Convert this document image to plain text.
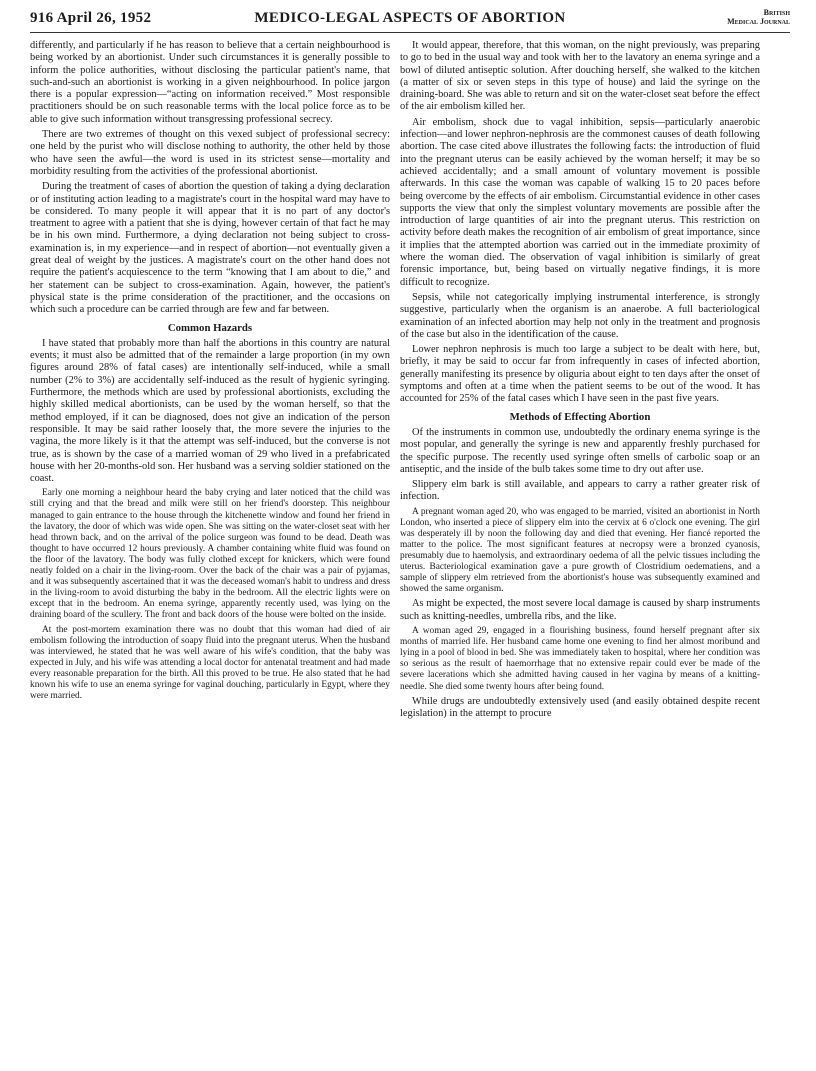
916 April 26, 1952	MEDICO-LEGAL ASPECTS OF ABORTION	British
Medical Journal

differently, and particularly if he has reason to believe that a certain neighbourhood is being worked by an abortionist. Under such circumstances it is generally possible to inform the police authorities, without disclosing the particular patient's name, that such-and-such an abortionist is working in a given neighbourhood. In police jargon there is a popular expression—“acting on information received.” Most responsible practitioners should be on such reasonable terms with the local police force as to be able to give such information without transgressing professional secrecy.

There are two extremes of thought on this vexed subject of professional secrecy: one held by the purist who will disclose nothing to authority, the other held by those who have seen the awful—the word is used in its strictest sense—mortality and morbidity resulting from the activities of the professional abortionist.

During the treatment of cases of abortion the question of taking a dying declaration or of instituting action leading to a magistrate's court in the hospital ward may have to be considered. To many people it will appear that it is no part of any doctor's treatment to agree with a patient that she is dying, however certain of that fact he may be in his own mind. Furthermore, a dying declaration not being subject to cross-examination is, in my experience—and in respect of abortion—not eventually given a great deal of weight by the justices. A magistrate's court on the other hand does not require the patient's acquiescence to the term “knowing that I am about to die,” and her statement can be subject to cross-examination. Again, however, the patient's physical state is the prime consideration of the practitioner, and the occasions on which such a procedure can be carried through are few and far between.

Common Hazards

I have stated that probably more than half the abortions in this country are natural events; it must also be admitted that of the remainder a large proportion (in my own figures around 28% of fatal cases) are intentionally self-induced, while a small number (2% to 3%) are accidentally self-induced as the result of hygienic syringing. Furthermore, the methods which are used by professional abortionists, excluding the highly skilled medical abortionists, can be used by the woman herself, so that the method employed, if it can be diagnosed, does not give an indication of the person responsible. It may be said rather loosely that, the more severe the injuries to the vagina, the more likely is it that the attempt was self-induced, but the converse is not true, as is shown by the case of a married woman of 29 who lived in a prefabricated house with her 20-months-old son. Her husband was a serving soldier stationed on the coast.

Early one morning a neighbour heard the baby crying and later noticed that the child was still crying and that the bread and milk were still on her friend's doorstep. This neighbour managed to gain entrance to the house through the kitchenette window and found her friend in the lavatory, the door of which was wide open. She was sitting on the water-closet seat with her head thrown back, and on the arrival of the police surgeon was found to be dead. Death was thought to have occurred 12 hours previously. A chamber containing white fluid was found on the floor of the lavatory. The body was fully clothed except for knickers, which were found neatly folded on a chair in the living-room. Over the back of the chair was a pair of pyjamas, and it was subsequently ascertained that it was the deceased woman's habit to undress and dress in the living-room to avoid disturbing the baby in the bedroom. All the electric lights were on except that in the bedroom. An enema syringe, apparently recently used, was lying on the draining board of the scullery. The front and back doors of the house were bolted on the inside.

At the post-mortem examination there was no doubt that this woman had died of air embolism following the introduction of soapy fluid into the pregnant uterus. When the husband was interviewed, he stated that he was well aware of his wife's condition, that the baby was expected in July, and his wife was attending a local doctor for antenatal treatment and had made every reasonable preparation for the birth. All this proved to be true. He also stated that he had known his wife to use an enema syringe for vaginal douching, particularly in Egypt, where they were married.

It would appear, therefore, that this woman, on the night previously, was preparing to go to bed in the usual way and took with her to the lavatory an enema syringe and a bowl of diluted antiseptic solution. After douching herself, she walked to the kitchen (a matter of six or seven steps in this type of house) and laid the syringe on the draining-board. She was able to return and sit on the water-closet seat before the effect of the air embolism killed her.

Air embolism, shock due to vagal inhibition, sepsis—particularly anaerobic infection—and lower nephron-nephrosis are the commonest causes of death following abortion. The case cited above illustrates the following facts: the introduction of fluid into the pregnant uterus can be easily achieved by the woman herself; it may be so achieved accidentally; and a small amount of voluntary movement is possible afterwards. In this case the woman was capable of walking 15 to 20 paces before being overcome by the effects of air embolism. Circumstantial evidence in other cases supports the view that only the simplest voluntary movements are possible after the introduction of large quantities of air into the pregnant uterus. This restriction on activity before death makes the recognition of air embolism of great importance, since it implies that the attempted abortion was carried out in the immediate proximity of where the woman died. The observation of vagal inhibition is similarly of great forensic importance, but, being based on virtually negative findings, it is more difficult to recognize.

Sepsis, while not categorically implying instrumental interference, is strongly suggestive, particularly when the organism is an anaerobe. A full bacteriological examination of an infected abortion may help not only in the treatment and prognosis of the case but also in the identification of the cause.

Lower nephron nephrosis is much too large a subject to be dealt with here, but, briefly, it may be said to occur far from infrequently in cases of infected abortion, generally manifesting its presence by oliguria about eight to ten days after the onset of symptoms and often at a time when the patient seems to be out of the wood. It has accounted for 25% of the fatal cases which I have seen in the past five years.

Methods of Effecting Abortion

Of the instruments in common use, undoubtedly the ordinary enema syringe is the most popular, and generally the syringe is new and apparently freshly purchased for the specific purpose. The recently used syringe often smells of carbolic soap or an antiseptic, and the inside of the bulb takes some time to dry out after use.

Slippery elm bark is still available, and appears to carry a rather greater risk of infection.

A pregnant woman aged 20, who was engaged to be married, visited an abortionist in North London, who inserted a piece of slippery elm into the cervix at 6 o'clock one evening. The girl was desperately ill by noon the following day and died that evening. Her fiancé reported the matter to the police. The most significant features at necropsy were a bronzed cyanosis, presumably due to haemolysis, and extraordinary oedema of all the pelvic tissues including the uterus. Bacteriological examination gave a pure growth of Clostridium oedematiens, and a sample of slippery elm retrieved from the abortionist's house was subsequently examined and showed the same organism.

As might be expected, the most severe local damage is caused by sharp instruments such as knitting-needles, umbrella ribs, and the like.

A woman aged 29, engaged in a flourishing business, found herself pregnant after six months of married life. Her husband came home one evening to find her almost moribund and lying in a pool of blood in bed. She was immediately taken to hospital, where her condition was so serious as the result of haemorrhage that no extensive repair could ever be made of the severe lacerations which she admitted having caused in her vagina by means of a knitting-needle. She died some twenty hours after being found.

While drugs are undoubtedly extensively used (and easily obtained despite recent legislation) in the attempt to procure
